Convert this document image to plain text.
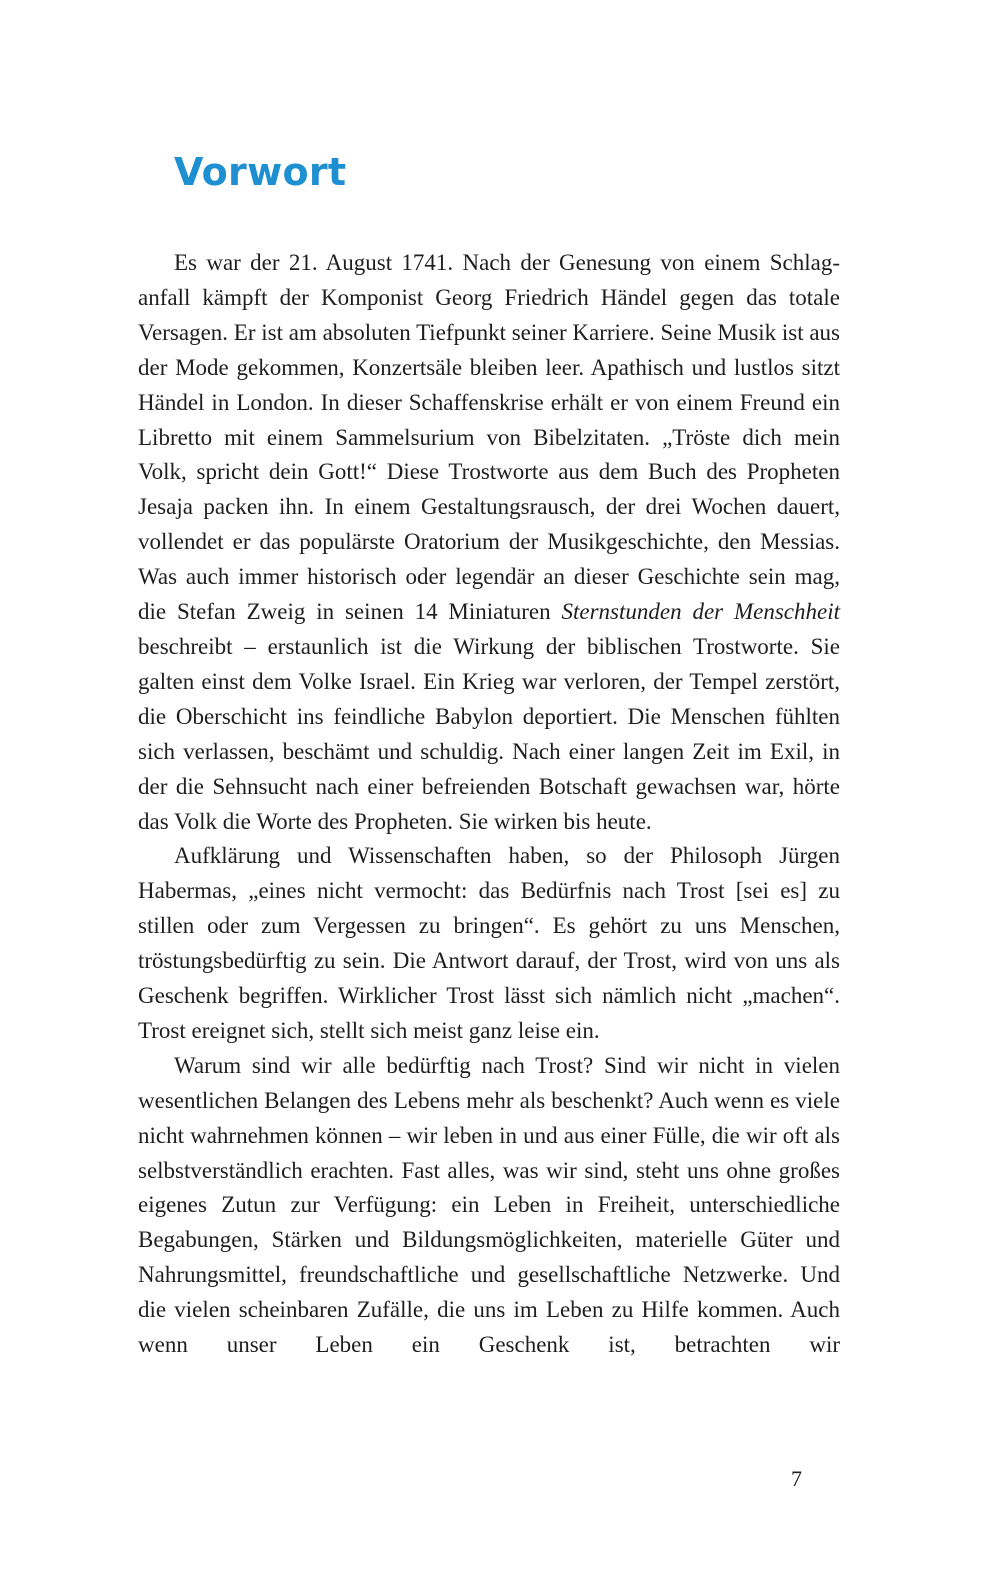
Vorwort

Es war der 21. August 1741. Nach der Genesung von einem Schlaganfall kämpft der Komponist Georg Friedrich Händel gegen das totale Versagen. Er ist am absoluten Tiefpunkt seiner Karriere. Seine Musik ist aus der Mode gekommen, Konzertsäle bleiben leer. Apathisch und lustlos sitzt Händel in London. In dieser Schaffenskrise erhält er von einem Freund ein Libretto mit einem Sammelsurium von Bibelzitaten. „Tröste dich mein Volk, spricht dein Gott!“ Diese Trostworte aus dem Buch des Propheten Jesaja packen ihn. In einem Gestaltungsrausch, der drei Wochen dauert, vollendet er das populärste Oratorium der Musikgeschichte, den Messias. Was auch immer historisch oder legendär an dieser Geschichte sein mag, die Stefan Zweig in seinen 14 Miniaturen Sternstunden der Menschheit beschreibt – erstaunlich ist die Wirkung der biblischen Trostworte. Sie galten einst dem Volke Israel. Ein Krieg war verloren, der Tempel zerstört, die Oberschicht ins feindliche Babylon deportiert. Die Menschen fühlten sich verlassen, beschämt und schuldig. Nach einer langen Zeit im Exil, in der die Sehnsucht nach einer befreienden Botschaft gewachsen war, hörte das Volk die Worte des Propheten. Sie wirken bis heute.

Aufklärung und Wissenschaften haben, so der Philosoph Jürgen Habermas, „eines nicht vermocht: das Bedürfnis nach Trost [sei es] zu stillen oder zum Vergessen zu bringen“. Es gehört zu uns Menschen, tröstungsbedürftig zu sein. Die Antwort darauf, der Trost, wird von uns als Geschenk begriffen. Wirklicher Trost lässt sich nämlich nicht „machen“. Trost ereignet sich, stellt sich meist ganz leise ein.

Warum sind wir alle bedürftig nach Trost? Sind wir nicht in vielen wesentlichen Belangen des Lebens mehr als beschenkt? Auch wenn es viele nicht wahrnehmen können – wir leben in und aus einer Fülle, die wir oft als selbstverständlich erachten. Fast alles, was wir sind, steht uns ohne großes eigenes Zutun zur Verfügung: ein Leben in Freiheit, unterschiedliche Begabungen, Stärken und Bildungsmöglichkeiten, materielle Güter und Nahrungsmittel, freundschaftliche und gesellschaftliche Netzwerke. Und die vielen scheinbaren Zufälle, die uns im Leben zu Hilfe kommen. Auch wenn unser Leben ein Geschenk ist, betrachten wir

7
